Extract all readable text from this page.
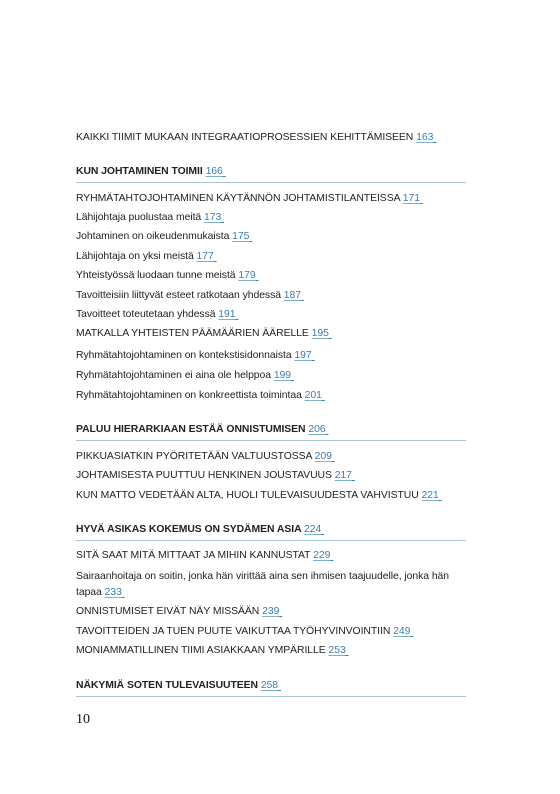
KAIKKI TIIMIT MUKAAN INTEGRAATIOPROSESSIEN KEHITTÄMISEEN 163
KUN JOHTAMINEN TOIMII 166
RYHMÄTAHTOJOHTAMINEN KÄYTÄNNÖN JOHTAMISTILANTEISSA 171
Lähijohtaja puolustaa meitä 173
Johtaminen on oikeudenmukaista 175
Lähijohtaja on yksi meistä 177
Yhteistyössä luodaan tunne meistä 179
Tavoitteisiin liittyvät esteet ratkotaan yhdessä 187
Tavoitteet toteutetaan yhdessä 191
MATKALLA YHTEISTEN PÄÄMÄÄRIEN ÄÄRELLE 195
Ryhmätahtojohtaminen on kontekstisidonnaista 197
Ryhmätahtojohtaminen ei aina ole helppoa 199
Ryhmätahtojohtaminen on konkreettista toimintaa 201
PALUU HIERARKIAAN ESTÄÄ ONNISTUMISEN 206
PIKKUASIATKIN PYÖRITETÄÄN VALTUUSTOSSA 209
JOHTAMISESTA PUUTTUU HENKINEN JOUSTAVUUS 217
KUN MATTO VEDETÄÄN ALTA, HUOLI TULEVAISUUDESTA VAHVISTUU 221
HYVÄ ASIKAS KOKEMUS ON SYDÄMEN ASIA 224
SITÄ SAAT MITÄ MITTAAT JA MIHIN KANNUSTAT 229
Sairaanhoitaja on soitin, jonka hän virittää aina sen ihmisen taajuudelle, jonka hän tapaa 233
ONNISTUMISET EIVÄT NÄY MISSÄÄN 239
TAVOITTEIDEN JA TUEN PUUTE VAIKUTTAA TYÖHYVINVOINTIIN 249
MONIAMMATILLINEN TIIMI ASIAKKAAN YMPÄRILLE 253
NÄKYMIÄ SOTEN TULEVAISUUTEEN 258
10
